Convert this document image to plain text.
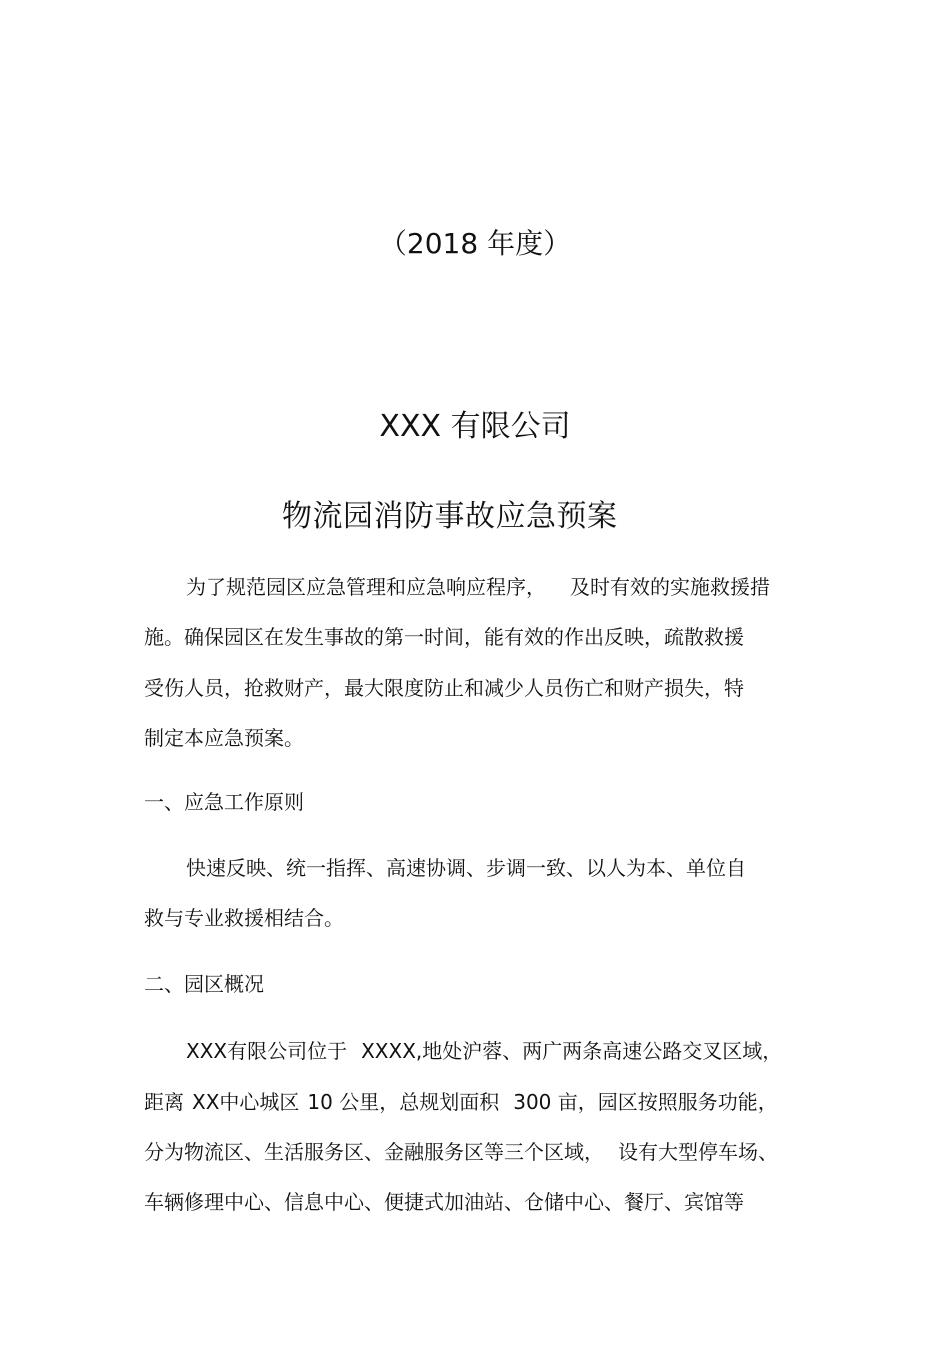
（2018 年度）
XXX 有限公司
物流园消防事故应急预案
为了规范园区应急管理和应急响应程序， 及时有效的实施救援措
施。确保园区在发生事故的第一时间，能有效的作出反映，疏散救援
受伤人员，抢救财产，最大限度防止和减少人员伤亡和财产损失，特
制定本应急预案。
一、应急工作原则
快速反映、统一指挥、高速协调、步调一致、以人为本、单位自
救与专业救援相结合。
二、园区概况
XXX有限公司位于 XXXX,地处沪蓉、两广两条高速公路交叉区域，
距离 XX中心城区 10 公里，总规划面积 300 亩，园区按照服务功能，
分为物流区、生活服务区、金融服务区等三个区域， 设有大型停车场、
车辆修理中心、信息中心、便捷式加油站、仓储中心、餐厅、宾馆等
